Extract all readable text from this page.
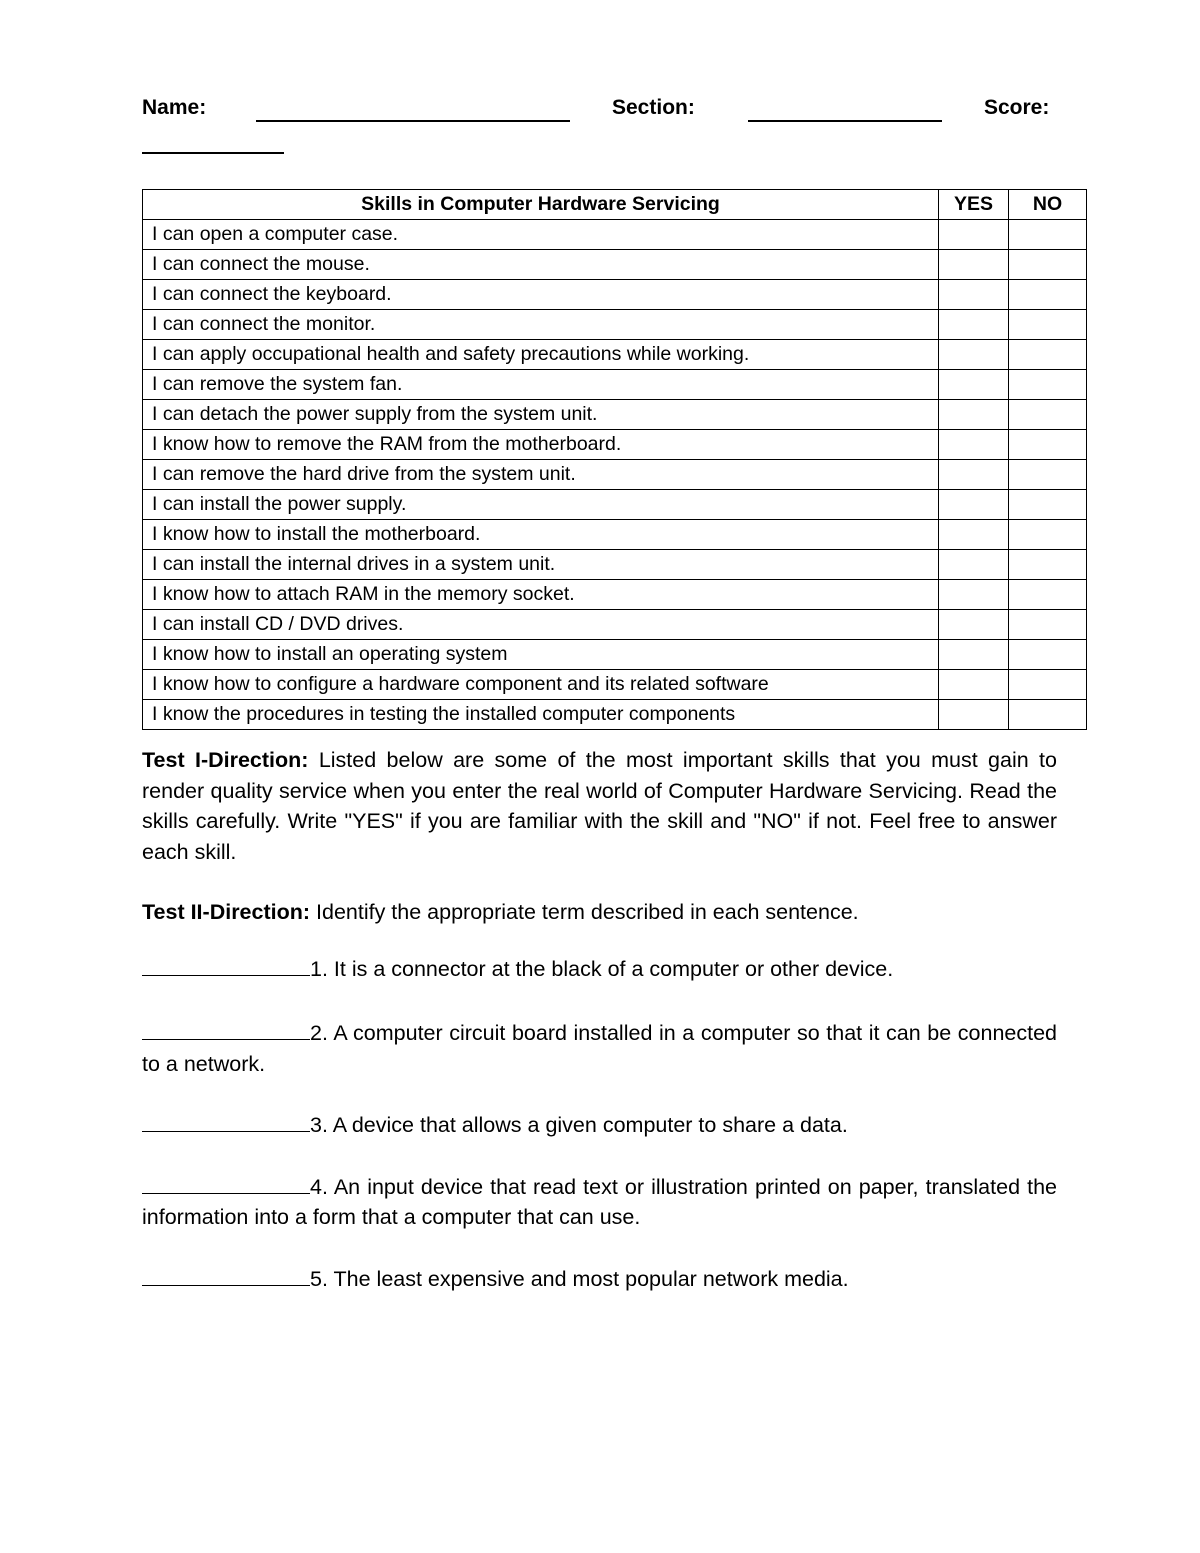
Name:	Section:	Score:
Skills in Computer Hardware Servicing	YES	NO
I can open a computer case.		
I can connect the mouse.		
I can connect the keyboard.		
I can connect the monitor.		
I can apply occupational health and safety precautions while working.		
I can remove the system fan.		
I can detach the power supply from the system unit.		
I know how to remove the RAM from the motherboard.		
I can remove the hard drive from the system unit.		
I can install the power supply.		
I know how to install the motherboard.		
I can install the internal drives in a system unit.		
I know how to attach RAM in the memory socket.		
I can install CD / DVD drives.		
I know how to install an operating system		
I know how to configure a hardware component and its related software		
I know the procedures in testing the installed computer components		

Test I-Direction: Listed below are some of the most important skills that you must gain to render quality service when you enter the real world of Computer Hardware Servicing. Read the skills carefully. Write "YES" if you are familiar with the skill and "NO" if not. Feel free to answer each skill.

Test II-Direction: Identify the appropriate term described in each sentence.

1. It is a connector at the black of a computer or other device.

2. A computer circuit board installed in a computer so that it can be connected to a network.

3. A device that allows a given computer to share a data.

4. An input device that read text or illustration printed on paper, translated the information into a form that a computer that can use.

5. The least expensive and most popular network media.
